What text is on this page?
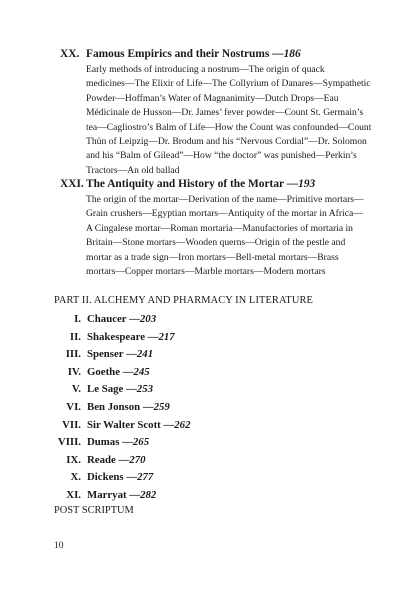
XX. Famous Empirics and their Nostrums —186
Early methods of introducing a nostrum—The origin of quack
medicines—The Elixir of Life—The Collyrium of Danares—Sympathetic
Powder—Hoffman’s Water of Magnanimity—Dutch Drops—Eau
Médicinale de Husson—Dr. James’ fever powder—Count St. Germain’s
tea—Cagliostro’s Balm of Life—How the Count was confounded—Count
Thün of Leipzig—Dr. Brodum and his “Nervous Cordial”—Dr. Solomon
and his “Balm of Gilead”—How “the doctor” was punished—Perkin’s
Tractors—An old ballad
XXI. The Antiquity and History of the Mortar —193
The origin of the mortar—Derivation of the name—Primitive mortars—
Grain crushers—Egyptian mortars—Antiquity of the mortar in Africa—
A Cingalese mortar—Roman mortaria—Manufactories of mortaria in
Britain—Stone mortars—Wooden querns—Origin of the pestle and
mortar as a trade sign—Iron mortars—Bell-metal mortars—Brass
mortars—Copper mortars—Marble mortars—Modern mortars
PART II. ALCHEMY AND PHARMACY IN LITERATURE
I. Chaucer —203
II. Shakespeare —217
III. Spenser —241
IV. Goethe —245
V. Le Sage —253
VI. Ben Jonson —259
VII. Sir Walter Scott —262
VIII. Dumas —265
IX. Reade —270
X. Dickens —277
XI. Marryat —282
POST SCRIPTUM
10
